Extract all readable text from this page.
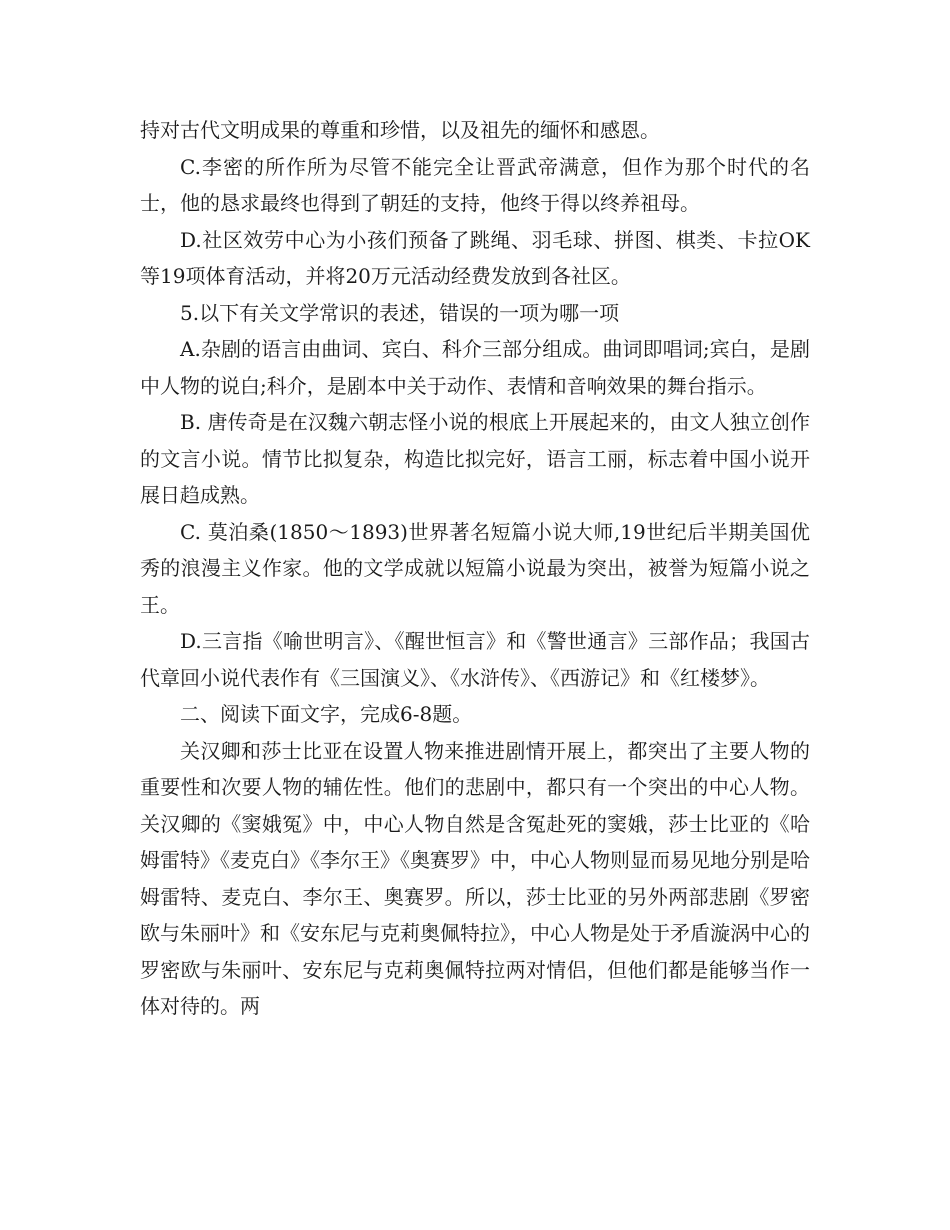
持对古代文明成果的尊重和珍惜，以及祖先的缅怀和感恩。

C.李密的所作所为尽管不能完全让晋武帝满意，但作为那个时代的名士，他的恳求最终也得到了朝廷的支持，他终于得以终养祖母。

D.社区效劳中心为小孩们预备了跳绳、羽毛球、拼图、棋类、卡拉OK等19项体育活动，并将20万元活动经费发放到各社区。

5.以下有关文学常识的表述，错误的一项为哪一项

A.杂剧的语言由曲词、宾白、科介三部分组成。曲词即唱词;宾白，是剧中人物的说白;科介，是剧本中关于动作、表情和音响效果的舞台指示。

B. 唐传奇是在汉魏六朝志怪小说的根底上开展起来的，由文人独立创作的文言小说。情节比拟复杂，构造比拟完好，语言工丽，标志着中国小说开展日趋成熟。

C. 莫泊桑(1850～1893)世界著名短篇小说大师,19世纪后半期美国优秀的浪漫主义作家。他的文学成就以短篇小说最为突出，被誉为短篇小说之王。

D.三言指《喻世明言》、《醒世恒言》和《警世通言》三部作品；我国古代章回小说代表作有《三国演义》、《水浒传》、《西游记》和《红楼梦》。

二、阅读下面文字，完成6-8题。

关汉卿和莎士比亚在设置人物来推进剧情开展上，都突出了主要人物的重要性和次要人物的辅佐性。他们的悲剧中，都只有一个突出的中心人物。关汉卿的《窦娥冤》中，中心人物自然是含冤赴死的窦娥，莎士比亚的《哈姆雷特》《麦克白》《李尔王》《奥赛罗》中，中心人物则显而易见地分别是哈姆雷特、麦克白、李尔王、奥赛罗。所以，莎士比亚的另外两部悲剧《罗密欧与朱丽叶》和《安东尼与克莉奥佩特拉》，中心人物是处于矛盾漩涡中心的罗密欧与朱丽叶、安东尼与克莉奥佩特拉两对情侣，但他们都是能够当作一体对待的。两
